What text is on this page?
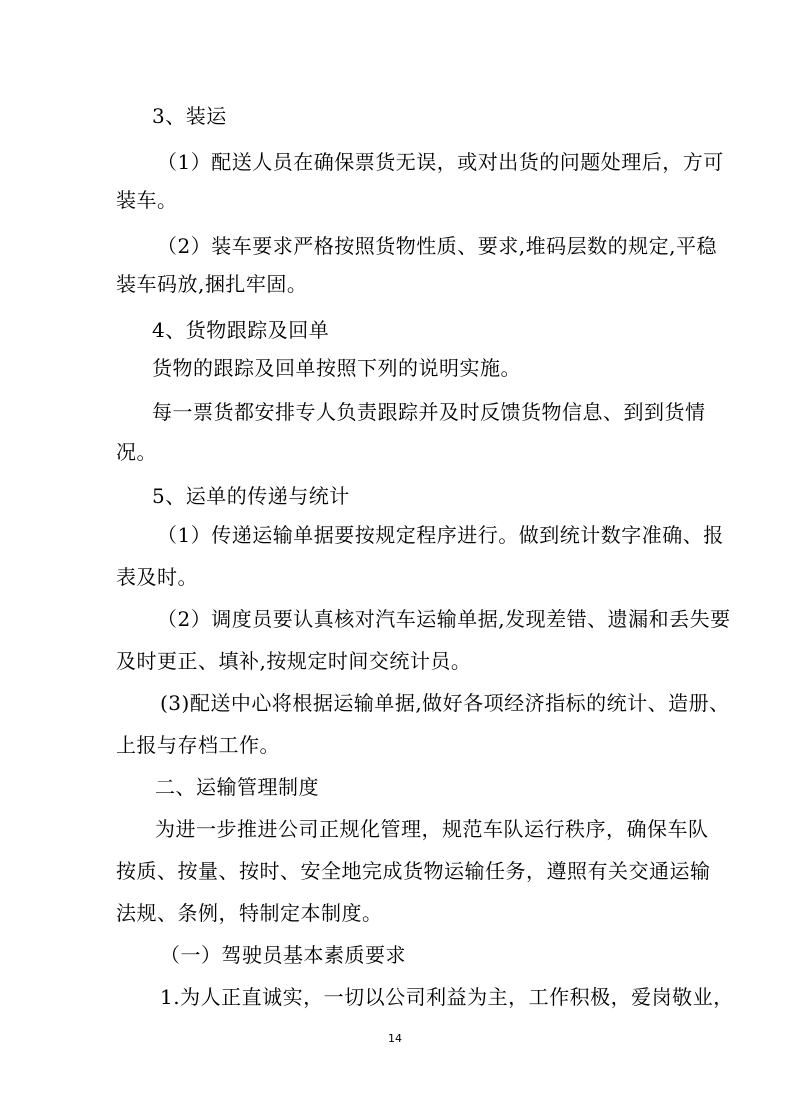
3、装运
（1）配送人员在确保票货无误，或对出货的问题处理后，方可
装车。
（2）装车要求严格按照货物性质、要求,堆码层数的规定,平稳
装车码放,捆扎牢固。
4、货物跟踪及回单
货物的跟踪及回单按照下列的说明实施。
每一票货都安排专人负责跟踪并及时反馈货物信息、到到货情
况。
5、运单的传递与统计
（1）传递运输单据要按规定程序进行。做到统计数字准确、报
表及时。
（2）调度员要认真核对汽车运输单据,发现差错、遗漏和丢失要
及时更正、填补,按规定时间交统计员。
(3)配送中心将根据运输单据,做好各项经济指标的统计、造册、
上报与存档工作。
二、运输管理制度
为进一步推进公司正规化管理，规范车队运行秩序，确保车队
按质、按量、按时、安全地完成货物运输任务，遵照有关交通运输
法规、条例，特制定本制度。
（一）驾驶员基本素质要求
1.为人正直诚实，一切以公司利益为主，工作积极，爱岗敬业，
14
